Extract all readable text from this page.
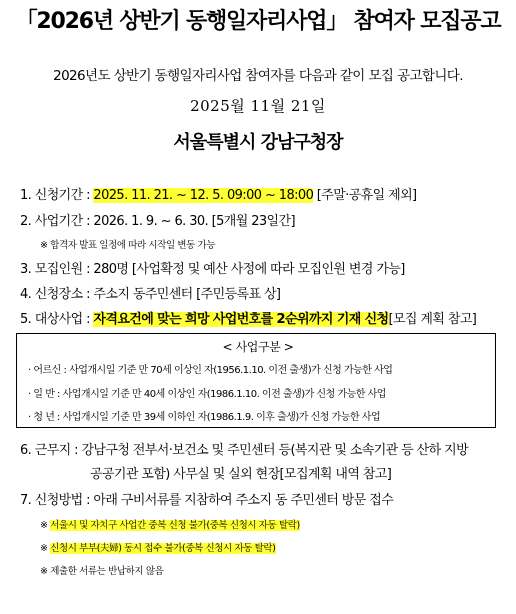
「2026년 상반기 동행일자리사업」 참여자 모집공고
2026년도 상반기 동행일자리사업 참여자를 다음과 같이 모집 공고합니다.
2025월 11월 21일
서울특별시 강남구청장
1. 신청기간 : 2025. 11. 21. ~ 12. 5. 09:00 ~ 18:00 [주말·공휴일 제외]
2. 사업기간 : 2026. 1. 9. ~ 6. 30. [5개월 23일간]
※ 합격자 발표 일정에 따라 시작일 변동 가능
3. 모집인원 : 280명 [사업확정 및 예산 사정에 따라 모집인원 변경 가능]
4. 신청장소 : 주소지 동주민센터 [주민등록표 상]
5. 대상사업 : 자격요건에 맞는 희망 사업번호를 2순위까지 기재 신청[모집 계획 참고]
< 사업구분 >
· 어르신 : 사업개시일 기준 만 70세 이상인 자(1956.1.10. 이전 출생)가 신청 가능한 사업
· 일 반 : 사업개시일 기준 만 40세 이상인 자(1986.1.10. 이전 출생)가 신청 가능한 사업
· 청 년 : 사업개시일 기준 만 39세 이하인 자(1986.1.9. 이후 출생)가 신청 가능한 사업
6. 근무지 : 강남구청 전부서·보건소 및 주민센터 등(복지관 및 소속기관 등 산하 지방
공공기관 포함) 사무실 및 실외 현장[모집계획 내역 참고]
7. 신청방법 : 아래 구비서류를 지참하여 주소지 동 주민센터 방문 접수
※ 서울시 및 자치구 사업간 중복 신청 불가(중복 신청시 자동 탈락)
※ 신청시 부부(夫婦) 동시 접수 불가(중복 신청시 자동 탈락)
※ 제출한 서류는 반납하지 않음
